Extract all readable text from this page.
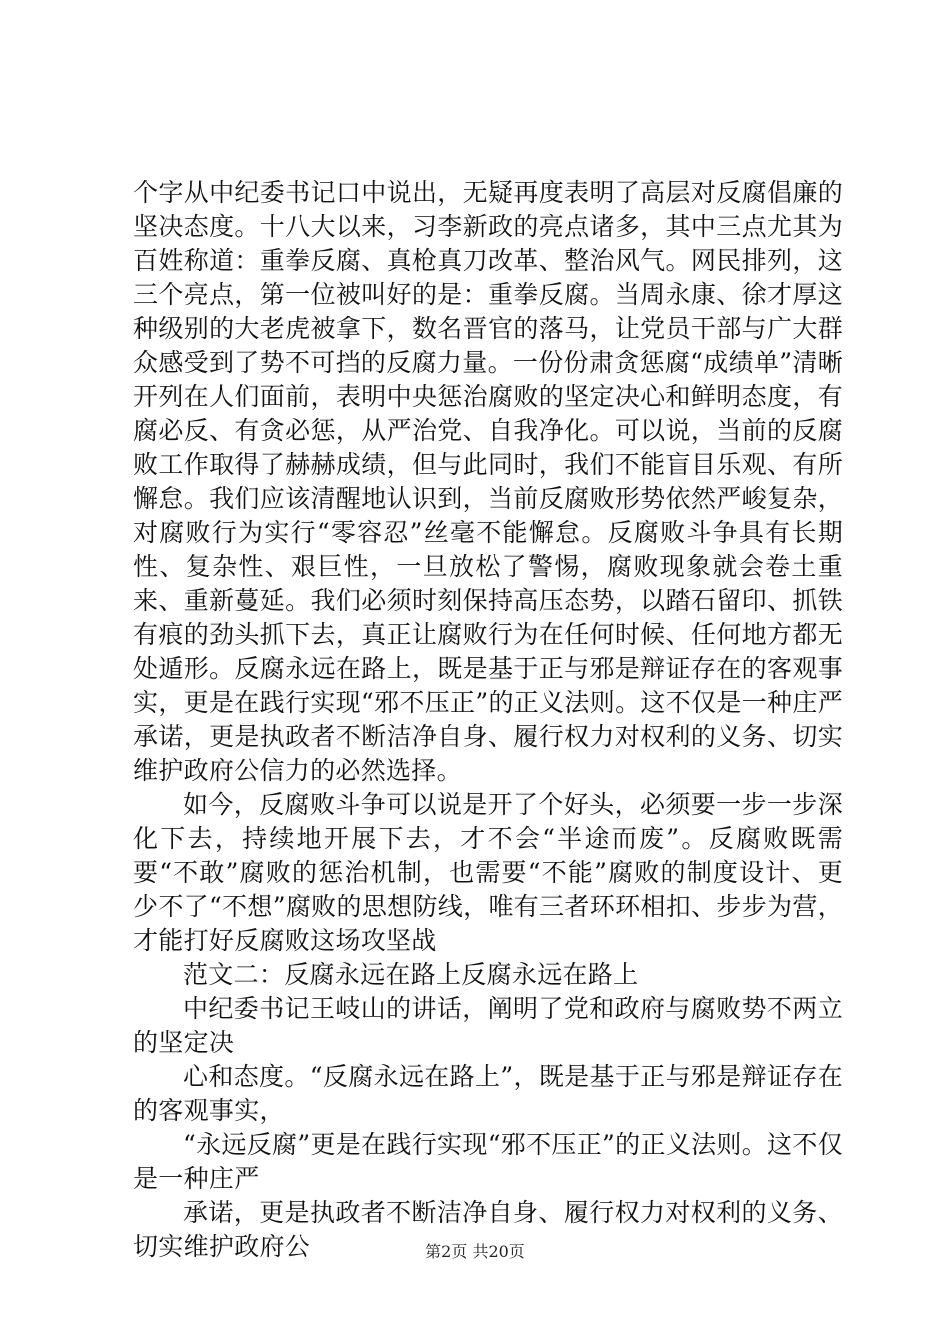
个字从中纪委书记口中说出，无疑再度表明了高层对反腐倡廉的坚决态度。十八大以来，习李新政的亮点诸多，其中三点尤其为百姓称道：重拳反腐、真枪真刀改革、整治风气。网民排列，这三个亮点，第一位被叫好的是：重拳反腐。当周永康、徐才厚这种级别的大老虎被拿下，数名晋官的落马，让党员干部与广大群众感受到了势不可挡的反腐力量。一份份肃贪惩腐“成绩单”清晰开列在人们面前，表明中央惩治腐败的坚定决心和鲜明态度，有腐必反、有贪必惩，从严治党、自我净化。可以说，当前的反腐败工作取得了赫赫成绩，但与此同时，我们不能盲目乐观、有所懈怠。我们应该清醒地认识到，当前反腐败形势依然严峻复杂，对腐败行为实行“零容忍”丝毫不能懈怠。反腐败斗争具有长期性、复杂性、艰巨性，一旦放松了警惕，腐败现象就会卷土重来、重新蔓延。我们必须时刻保持高压态势，以踏石留印、抓铁有痕的劲头抓下去，真正让腐败行为在任何时候、任何地方都无处遁形。反腐永远在路上，既是基于正与邪是辩证存在的客观事实，更是在践行实现“邪不压正”的正义法则。这不仅是一种庄严承诺，更是执政者不断洁净自身、履行权力对权利的义务、切实维护政府公信力的必然选择。

如今，反腐败斗争可以说是开了个好头，必须要一步一步深化下去，持续地开展下去，才不会“半途而废”。反腐败既需要“不敢”腐败的惩治机制，也需要“不能”腐败的制度设计、更少不了“不想”腐败的思想防线，唯有三者环环相扣、步步为营，才能打好反腐败这场攻坚战

范文二：反腐永远在路上反腐永远在路上

中纪委书记王岐山的讲话，阐明了党和政府与腐败势不两立的坚定决

心和态度。“反腐永远在路上”，既是基于正与邪是辩证存在的客观事实，

“永远反腐”更是在践行实现“邪不压正”的正义法则。这不仅是一种庄严

承诺，更是执政者不断洁净自身、履行权力对权利的义务、切实维护政府公	第2页 共20页
